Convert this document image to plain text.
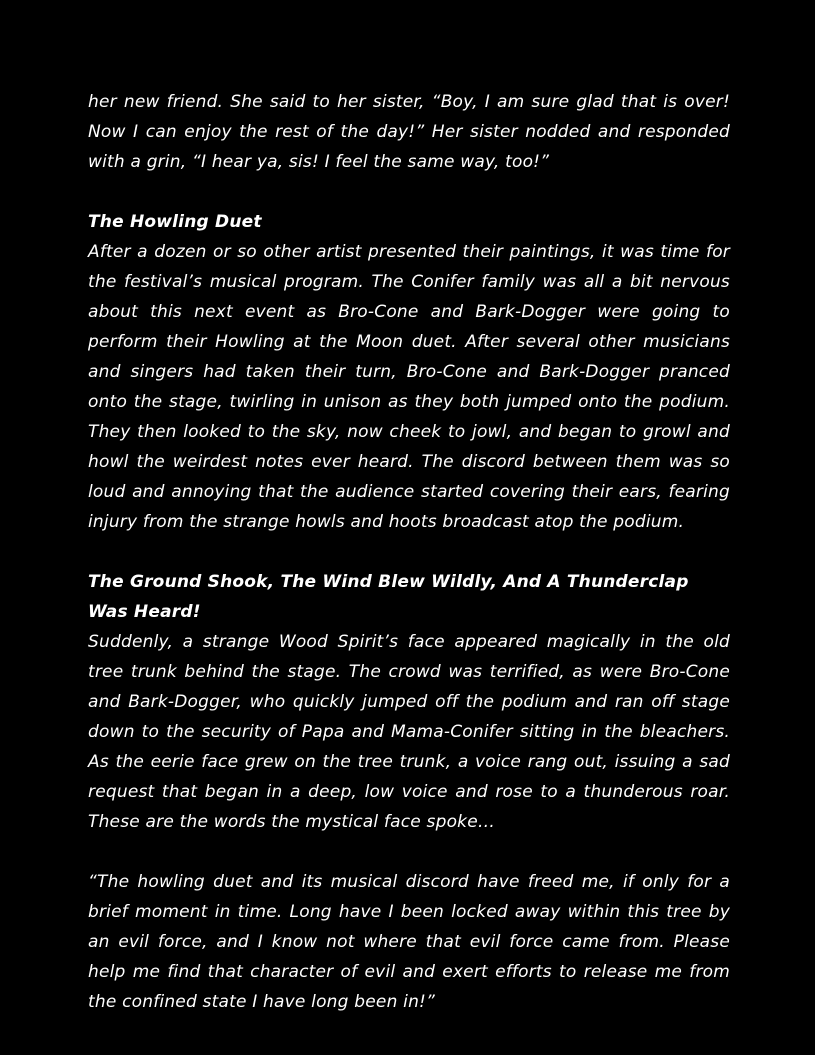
her new friend. She said to her sister, “Boy, I am sure glad that is over! Now I can enjoy the rest of the day!” Her sister nodded and responded with a grin, “I hear ya, sis! I feel the same way, too!”
The Howling Duet
After a dozen or so other artist presented their paintings, it was time for the festival’s musical program. The Conifer family was all a bit nervous about this next event as Bro-Cone and Bark-Dogger were going to perform their Howling at the Moon duet. After several other musicians and singers had taken their turn, Bro-Cone and Bark-Dogger pranced onto the stage, twirling in unison as they both jumped onto the podium. They then looked to the sky, now cheek to jowl, and began to growl and howl the weirdest notes ever heard. The discord between them was so loud and annoying that the audience started covering their ears, fearing injury from the strange howls and hoots broadcast atop the podium.
The Ground Shook, The Wind Blew Wildly, And A Thunderclap Was Heard!
Suddenly, a strange Wood Spirit’s face appeared magically in the old tree trunk behind the stage. The crowd was terrified, as were Bro-Cone and Bark-Dogger, who quickly jumped off the podium and ran off stage down to the security of Papa and Mama-Conifer sitting in the bleachers. As the eerie face grew on the tree trunk, a voice rang out, issuing a sad request that began in a deep, low voice and rose to a thunderous roar. These are the words the mystical face spoke…
“The howling duet and its musical discord have freed me, if only for a brief moment in time. Long have I been locked away within this tree by an evil force, and I know not where that evil force came from. Please help me find that character of evil and exert efforts to release me from the confined state I have long been in!”
